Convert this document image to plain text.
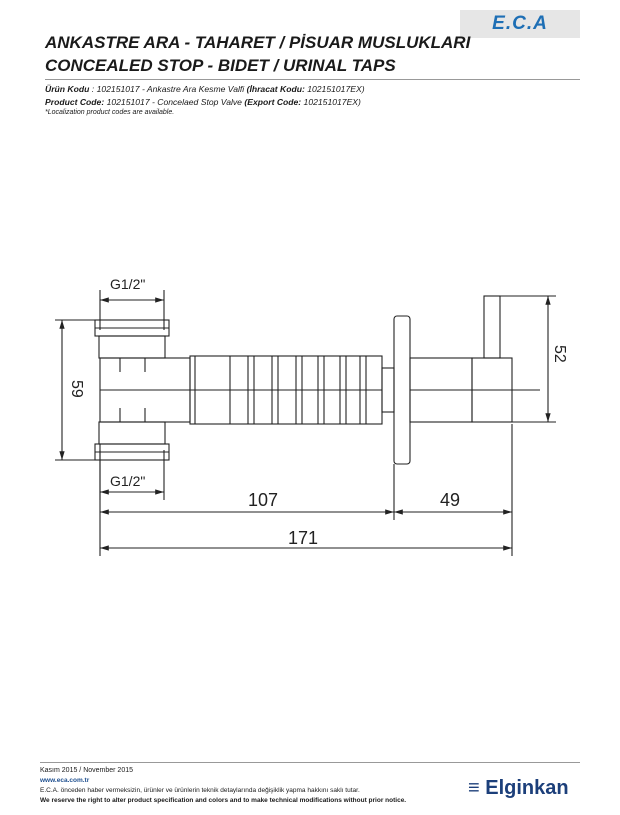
E.C.A
ANKASTRE ARA - TAHARET / PİSUAR MUSLUKLARI
CONCEALED STOP - BIDET / URINAL TAPS
Ürün Kodu : 102151017 - Ankastre Ara Kesme Valfi (İhracat Kodu: 102151017EX)
Product Code: 102151017 - Concelaed Stop Valve (Export Code: 102151017EX)
*Localization product codes are available.
G1/2"
G1/2"
59
52
107	49
171
Kasım 2015 / November 2015
www.eca.com.tr
E.C.A. önceden haber vermeksizin, ürünler ve ürünlerin teknik detaylarında değişiklik yapma hakkını saklı tutar.
We reserve the right to alter product specification and colors and to make technical modifications without prior notice.
≡ Elginkan
